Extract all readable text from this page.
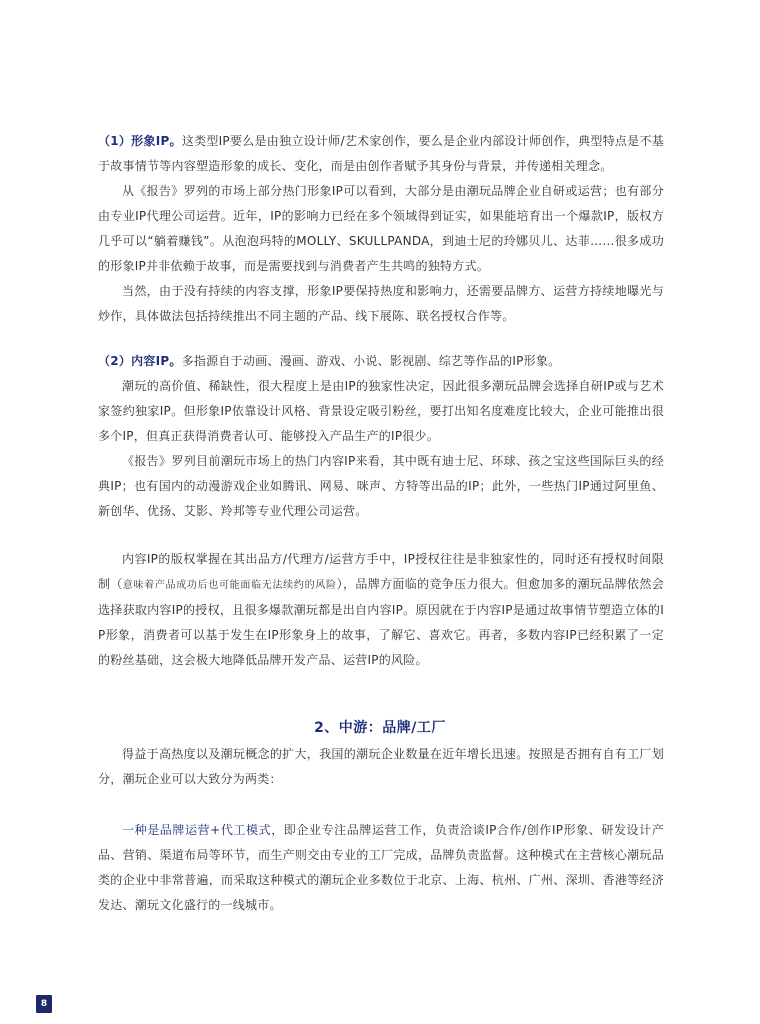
（1）形象IP。这类型IP要么是由独立设计师/艺术家创作，要么是企业内部设计师创作，典型特点是不基于故事情节等内容塑造形象的成长、变化，而是由创作者赋予其身份与背景，并传递相关理念。

从《报告》罗列的市场上部分热门形象IP可以看到，大部分是由潮玩品牌企业自研或运营；也有部分由专业IP代理公司运营。近年，IP的影响力已经在多个领域得到证实，如果能培育出一个爆款IP，版权方几乎可以“躺着赚钱”。从泡泡玛特的MOLLY、SKULLPANDA，到迪士尼的玲娜贝儿、达菲……很多成功的形象IP并非依赖于故事，而是需要找到与消费者产生共鸣的独特方式。

当然，由于没有持续的内容支撑，形象IP要保持热度和影响力，还需要品牌方、运营方持续地曝光与炒作，具体做法包括持续推出不同主题的产品、线下展陈、联名授权合作等。

（2）内容IP。多指源自于动画、漫画、游戏、小说、影视剧、综艺等作品的IP形象。

潮玩的高价值、稀缺性，很大程度上是由IP的独家性决定，因此很多潮玩品牌会选择自研IP或与艺术家签约独家IP。但形象IP依靠设计风格、背景设定吸引粉丝，要打出知名度难度比较大，企业可能推出很多个IP，但真正获得消费者认可、能够投入产品生产的IP很少。

《报告》罗列目前潮玩市场上的热门内容IP来看，其中既有迪士尼、环球、孩之宝这些国际巨头的经典IP；也有国内的动漫游戏企业如腾讯、网易、咪声、方特等出品的IP；此外，一些热门IP通过阿里鱼、新创华、优扬、艾影、羚邦等专业代理公司运营。

内容IP的版权掌握在其出品方/代理方/运营方手中，IP授权往往是非独家性的，同时还有授权时间限制（意味着产品成功后也可能面临无法续约的风险），品牌方面临的竞争压力很大。但愈加多的潮玩品牌依然会选择获取内容IP的授权，且很多爆款潮玩都是出自内容IP。原因就在于内容IP是通过故事情节塑造立体的IP形象，消费者可以基于发生在IP形象身上的故事，了解它、喜欢它。再者，多数内容IP已经积累了一定的粉丝基础，这会极大地降低品牌开发产品、运营IP的风险。

2、中游：品牌/工厂

得益于高热度以及潮玩概念的扩大，我国的潮玩企业数量在近年增长迅速。按照是否拥有自有工厂划分，潮玩企业可以大致分为两类：

一种是品牌运营+代工模式，即企业专注品牌运营工作，负责洽谈IP合作/创作IP形象、研发设计产品、营销、渠道布局等环节，而生产则交由专业的工厂完成，品牌负责监督。这种模式在主营核心潮玩品类的企业中非常普遍，而采取这种模式的潮玩企业多数位于北京、上海、杭州、广州、深圳、香港等经济发达、潮玩文化盛行的一线城市。

8
